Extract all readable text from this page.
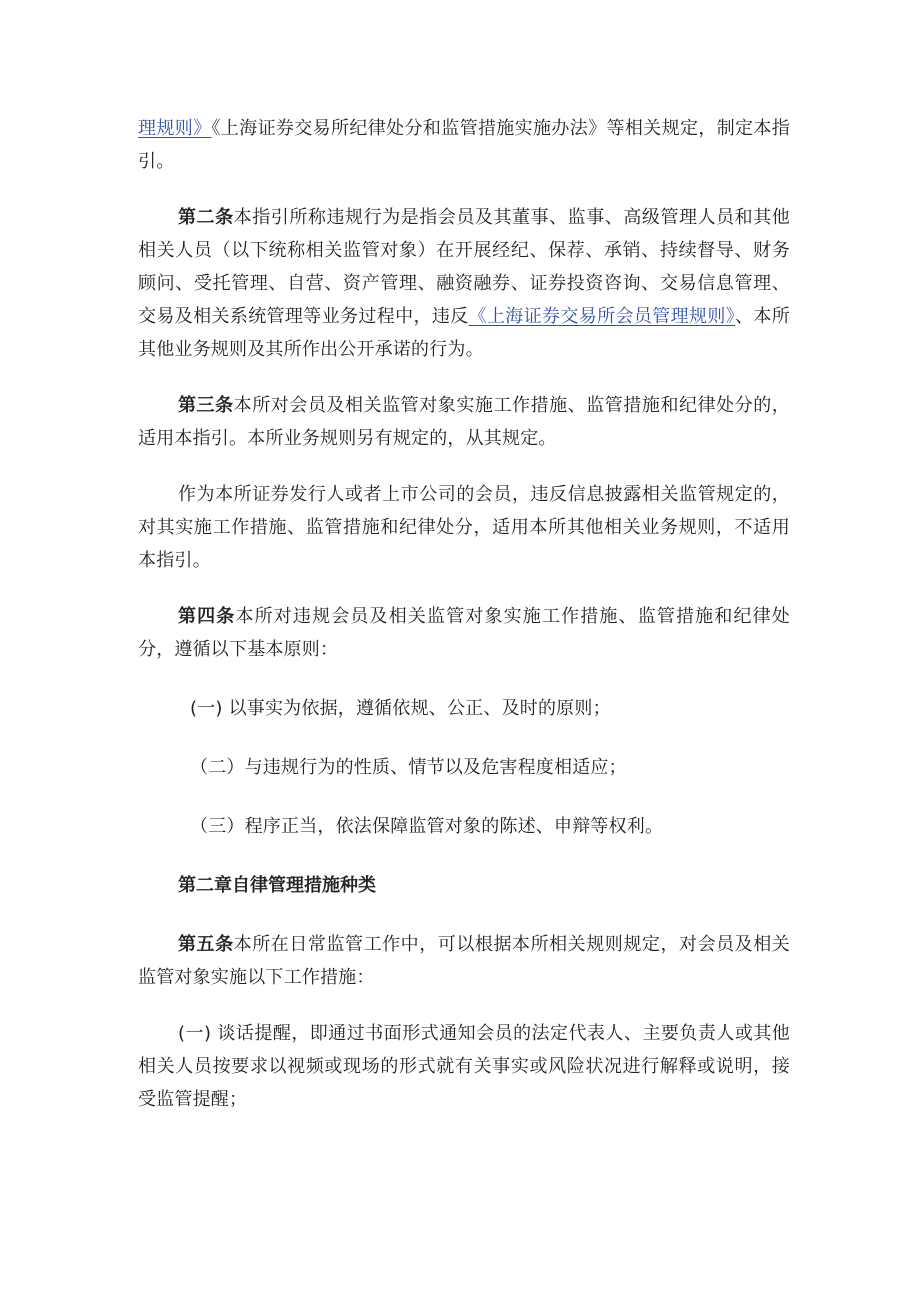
理规则》《上海证券交易所纪律处分和监管措施实施办法》等相关规定，制定本指引。

第二条本指引所称违规行为是指会员及其董事、监事、高级管理人员和其他相关人员（以下统称相关监管对象）在开展经纪、保荐、承销、持续督导、财务顾问、受托管理、自营、资产管理、融资融券、证券投资咨询、交易信息管理、交易及相关系统管理等业务过程中，违反《上海证券交易所会员管理规则》、本所其他业务规则及其所作出公开承诺的行为。

第三条本所对会员及相关监管对象实施工作措施、监管措施和纪律处分的，适用本指引。本所业务规则另有规定的，从其规定。

作为本所证券发行人或者上市公司的会员，违反信息披露相关监管规定的，对其实施工作措施、监管措施和纪律处分，适用本所其他相关业务规则，不适用本指引。

第四条本所对违规会员及相关监管对象实施工作措施、监管措施和纪律处分，遵循以下基本原则：

(一) 以事实为依据，遵循依规、公正、及时的原则；

（二）与违规行为的性质、情节以及危害程度相适应；

（三）程序正当，依法保障监管对象的陈述、申辩等权利。

第二章自律管理措施种类

第五条本所在日常监管工作中，可以根据本所相关规则规定，对会员及相关监管对象实施以下工作措施：

(一) 谈话提醒，即通过书面形式通知会员的法定代表人、主要负责人或其他相关人员按要求以视频或现场的形式就有关事实或风险状况进行解释或说明，接受监管提醒；
